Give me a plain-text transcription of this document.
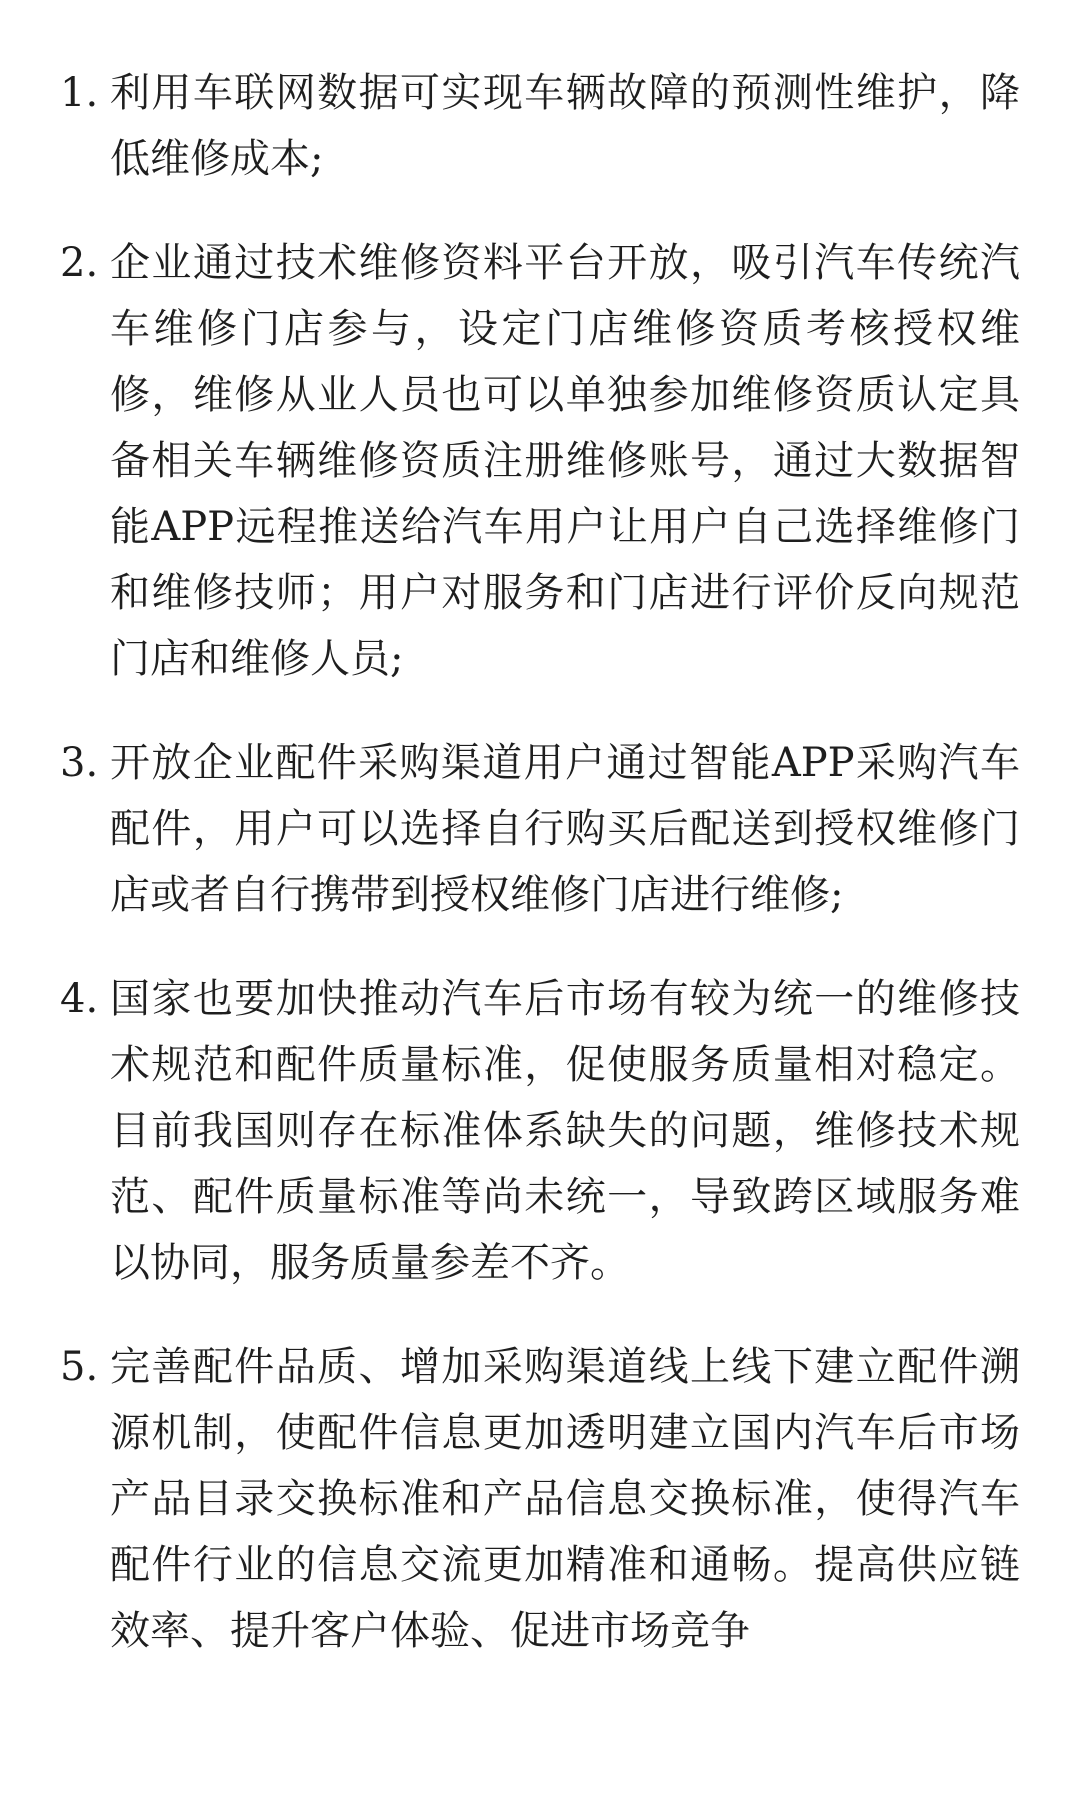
1. 利用车联网数据可实现车辆故障的预测性维护，降低维修成本;
2. 企业通过技术维修资料平台开放，吸引汽车传统汽车维修门店参与，设定门店维修资质考核授权维修，维修从业人员也可以单独参加维修资质认定具备相关车辆维修资质注册维修账号，通过大数据智能APP远程推送给汽车用户让用户自己选择维修门和维修技师；用户对服务和门店进行评价反向规范门店和维修人员;
3. 开放企业配件采购渠道用户通过智能APP采购汽车配件，用户可以选择自行购买后配送到授权维修门店或者自行携带到授权维修门店进行维修;
4. 国家也要加快推动汽车后市场有较为统一的维修技术规范和配件质量标准，促使服务质量相对稳定。目前我国则存在标准体系缺失的问题，维修技术规范、配件质量标准等尚未统一，导致跨区域服务难以协同，服务质量参差不齐。
5. 完善配件品质、增加采购渠道线上线下建立配件溯源机制，使配件信息更加透明建立国内汽车后市场产品目录交换标准和产品信息交换标准，使得汽车配件行业的信息交流更加精准和通畅。提高供应链效率、提升客户体验、促进市场竞争
